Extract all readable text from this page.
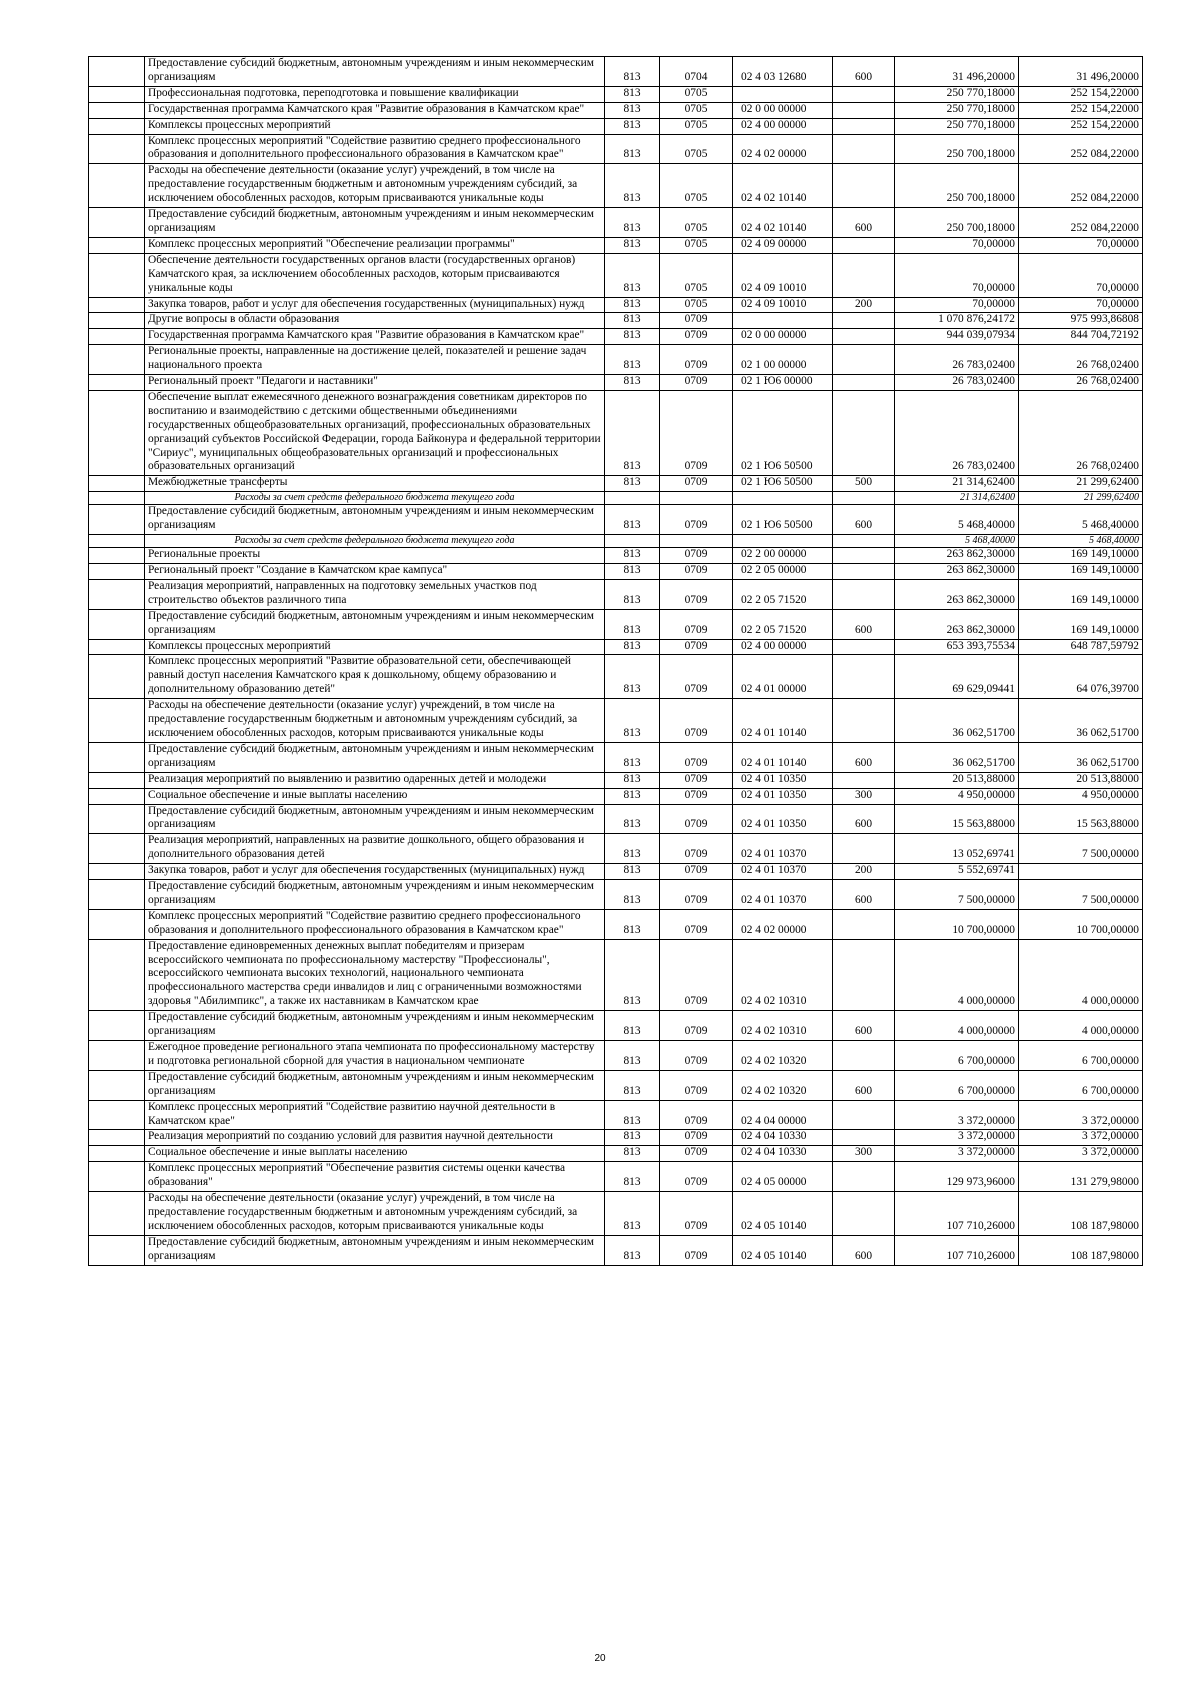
	Предоставление субсидий бюджетным, автономным учреждениям и иным некоммерческим организациям	813	0704	02 4 03 12680	600	31 496,20000	31 496,20000
	Профессиональная подготовка, переподготовка и повышение квалификации	813	0705			250 770,18000	252 154,22000
	Государственная программа Камчатского края "Развитие образования в Камчатском крае"	813	0705	02 0 00 00000		250 770,18000	252 154,22000
	Комплексы процессных мероприятий	813	0705	02 4 00 00000		250 770,18000	252 154,22000
	Комплекс процессных мероприятий "Содействие развитию среднего профессионального образования и дополнительного профессионального образования в Камчатском крае"	813	0705	02 4 02 00000		250 700,18000	252 084,22000
	Расходы на обеспечение деятельности (оказание услуг) учреждений, в том числе на предоставление государственным бюджетным и автономным учреждениям субсидий, за исключением обособленных расходов, которым присваиваются уникальные коды	813	0705	02 4 02 10140		250 700,18000	252 084,22000
	Предоставление субсидий бюджетным, автономным учреждениям и иным некоммерческим организациям	813	0705	02 4 02 10140	600	250 700,18000	252 084,22000
	Комплекс процессных мероприятий "Обеспечение реализации программы"	813	0705	02 4 09 00000		70,00000	70,00000
	Обеспечение деятельности государственных органов власти (государственных органов) Камчатского края, за исключением обособленных расходов, которым присваиваются уникальные коды	813	0705	02 4 09 10010		70,00000	70,00000
	Закупка товаров, работ и услуг для обеспечения государственных (муниципальных) нужд	813	0705	02 4 09 10010	200	70,00000	70,00000
	Другие вопросы в области образования	813	0709			1 070 876,24172	975 993,86808
	Государственная программа Камчатского края "Развитие образования в Камчатском крае"	813	0709	02 0 00 00000		944 039,07934	844 704,72192
	Региональные проекты, направленные на достижение целей, показателей и решение задач национального проекта	813	0709	02 1 00 00000		26 783,02400	26 768,02400
	Региональный проект "Педагоги и наставники"	813	0709	02 1 Ю6 00000		26 783,02400	26 768,02400
	Обеспечение выплат ежемесячного денежного вознаграждения советникам директоров по воспитанию и взаимодействию с детскими общественными объединениями государственных общеобразовательных организаций, профессиональных образовательных организаций субъектов Российской Федерации, города Байконура и федеральной территории "Сириус", муниципальных общеобразовательных организаций и профессиональных образовательных организаций	813	0709	02 1 Ю6 50500		26 783,02400	26 768,02400
	Межбюджетные трансферты	813	0709	02 1 Ю6 50500	500	21 314,62400	21 299,62400
	Расходы за счет средств федерального бюджета текущего года					21 314,62400	21 299,62400
	Предоставление субсидий бюджетным, автономным учреждениям и иным некоммерческим организациям	813	0709	02 1 Ю6 50500	600	5 468,40000	5 468,40000
	Расходы за счет средств федерального бюджета текущего года					5 468,40000	5 468,40000
	Региональные проекты	813	0709	02 2 00 00000		263 862,30000	169 149,10000
	Региональный проект "Создание в Камчатском крае кампуса"	813	0709	02 2 05 00000		263 862,30000	169 149,10000
	Реализация мероприятий, направленных на подготовку земельных участков под строительство объектов различного типа	813	0709	02 2 05 71520		263 862,30000	169 149,10000
	Предоставление субсидий бюджетным, автономным учреждениям и иным некоммерческим организациям	813	0709	02 2 05 71520	600	263 862,30000	169 149,10000
	Комплексы процессных мероприятий	813	0709	02 4 00 00000		653 393,75534	648 787,59792
	Комплекс процессных мероприятий "Развитие образовательной сети, обеспечивающей равный доступ населения Камчатского края к дошкольному, общему образованию и дополнительному образованию детей"	813	0709	02 4 01 00000		69 629,09441	64 076,39700
	Расходы на обеспечение деятельности (оказание услуг) учреждений, в том числе на предоставление государственным бюджетным и автономным учреждениям субсидий, за исключением обособленных расходов, которым присваиваются уникальные коды	813	0709	02 4 01 10140		36 062,51700	36 062,51700
	Предоставление субсидий бюджетным, автономным учреждениям и иным некоммерческим организациям	813	0709	02 4 01 10140	600	36 062,51700	36 062,51700
	Реализация мероприятий по выявлению и развитию одаренных детей и молодежи	813	0709	02 4 01 10350		20 513,88000	20 513,88000
	Социальное обеспечение и иные выплаты населению	813	0709	02 4 01 10350	300	4 950,00000	4 950,00000
	Предоставление субсидий бюджетным, автономным учреждениям и иным некоммерческим организациям	813	0709	02 4 01 10350	600	15 563,88000	15 563,88000
	Реализация мероприятий, направленных на развитие дошкольного, общего образования и дополнительного образования детей	813	0709	02 4 01 10370		13 052,69741	7 500,00000
	Закупка товаров, работ и услуг для обеспечения государственных (муниципальных) нужд	813	0709	02 4 01 10370	200	5 552,69741	
	Предоставление субсидий бюджетным, автономным учреждениям и иным некоммерческим организациям	813	0709	02 4 01 10370	600	7 500,00000	7 500,00000
	Комплекс процессных мероприятий "Содействие развитию среднего профессионального образования и дополнительного профессионального образования в Камчатском крае"	813	0709	02 4 02 00000		10 700,00000	10 700,00000
	Предоставление единовременных денежных выплат победителям и призерам всероссийского чемпионата по профессиональному мастерству "Профессионалы", всероссийского чемпионата высоких технологий, национального чемпионата профессионального мастерства среди инвалидов и лиц с ограниченными возможностями здоровья "Абилимпикс", а также их наставникам в Камчатском крае	813	0709	02 4 02 10310		4 000,00000	4 000,00000
	Предоставление субсидий бюджетным, автономным учреждениям и иным некоммерческим организациям	813	0709	02 4 02 10310	600	4 000,00000	4 000,00000
	Ежегодное проведение регионального этапа чемпионата по профессиональному мастерству и подготовка региональной сборной для участия в национальном чемпионате	813	0709	02 4 02 10320		6 700,00000	6 700,00000
	Предоставление субсидий бюджетным, автономным учреждениям и иным некоммерческим организациям	813	0709	02 4 02 10320	600	6 700,00000	6 700,00000
	Комплекс процессных мероприятий "Содействие развитию научной деятельности в Камчатском крае"	813	0709	02 4 04 00000		3 372,00000	3 372,00000
	Реализация мероприятий по созданию условий для развития научной деятельности	813	0709	02 4 04 10330		3 372,00000	3 372,00000
	Социальное обеспечение и иные выплаты населению	813	0709	02 4 04 10330	300	3 372,00000	3 372,00000
	Комплекс процессных мероприятий "Обеспечение развития системы оценки качества образования"	813	0709	02 4 05 00000		129 973,96000	131 279,98000
	Расходы на обеспечение деятельности (оказание услуг) учреждений, в том числе на предоставление государственным бюджетным и автономным учреждениям субсидий, за исключением обособленных расходов, которым присваиваются уникальные коды	813	0709	02 4 05 10140		107 710,26000	108 187,98000
	Предоставление субсидий бюджетным, автономным учреждениям и иным некоммерческим организациям	813	0709	02 4 05 10140	600	107 710,26000	108 187,98000
20
